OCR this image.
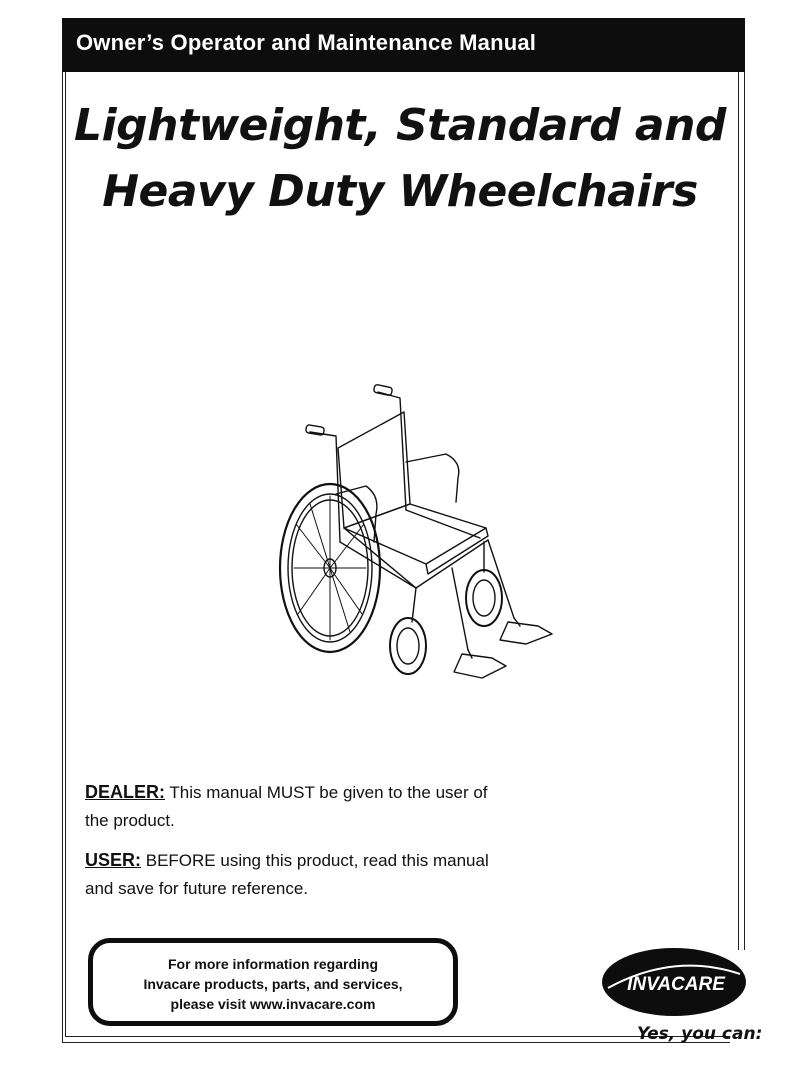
Owner’s Operator and Maintenance Manual
Lightweight, Standard and
Heavy Duty Wheelchairs
DEALER: This manual MUST be given to the user of the product.
USER: BEFORE using this product, read this manual and save for future reference.
For more information regarding
Invacare products, parts, and services,
please visit www.invacare.com
INVACARE
Yes, you can:
